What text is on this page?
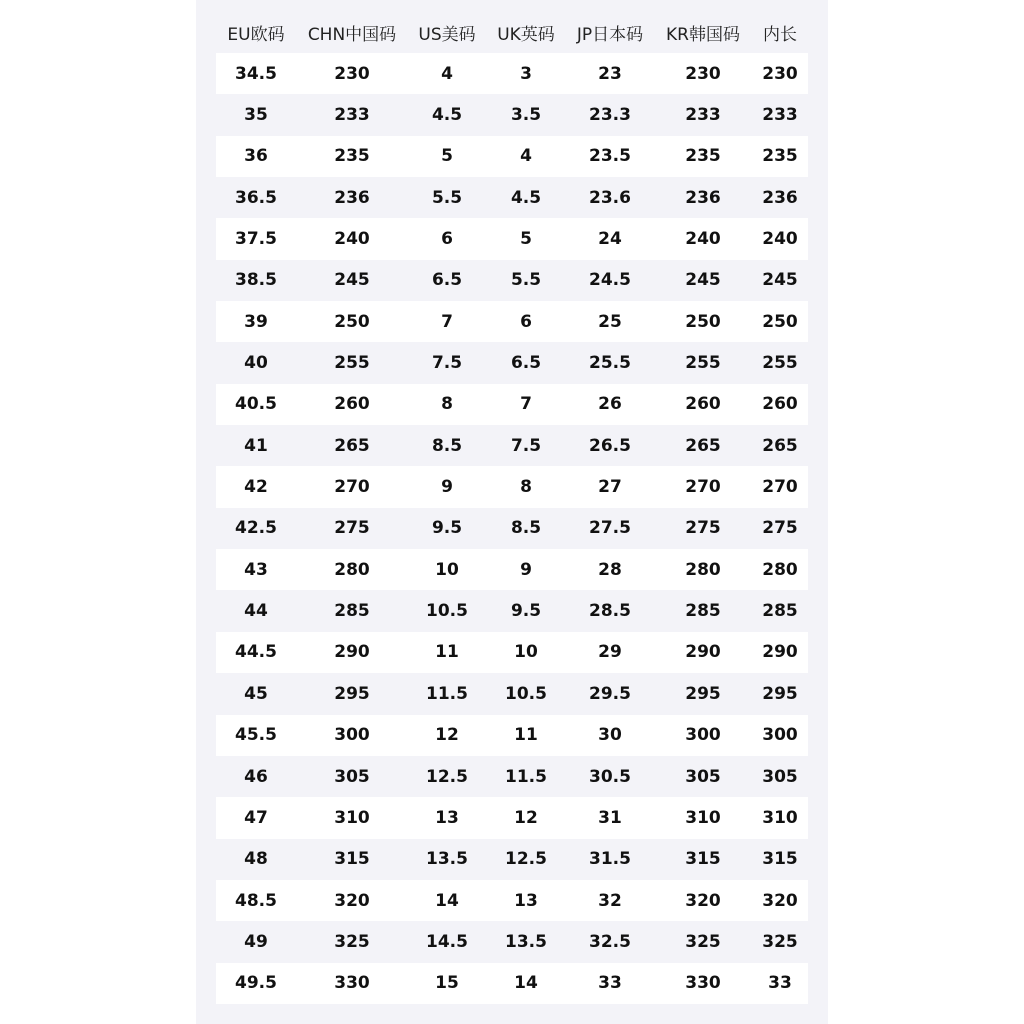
EU欧码	CHN中国码	US美码	UK英码	JP日本码	KR韩国码	内长
34.5	230	4	3	23	230	230
35	233	4.5	3.5	23.3	233	233
36	235	5	4	23.5	235	235
36.5	236	5.5	4.5	23.6	236	236
37.5	240	6	5	24	240	240
38.5	245	6.5	5.5	24.5	245	245
39	250	7	6	25	250	250
40	255	7.5	6.5	25.5	255	255
40.5	260	8	7	26	260	260
41	265	8.5	7.5	26.5	265	265
42	270	9	8	27	270	270
42.5	275	9.5	8.5	27.5	275	275
43	280	10	9	28	280	280
44	285	10.5	9.5	28.5	285	285
44.5	290	11	10	29	290	290
45	295	11.5	10.5	29.5	295	295
45.5	300	12	11	30	300	300
46	305	12.5	11.5	30.5	305	305
47	310	13	12	31	310	310
48	315	13.5	12.5	31.5	315	315
48.5	320	14	13	32	320	320
49	325	14.5	13.5	32.5	325	325
49.5	330	15	14	33	330	33
